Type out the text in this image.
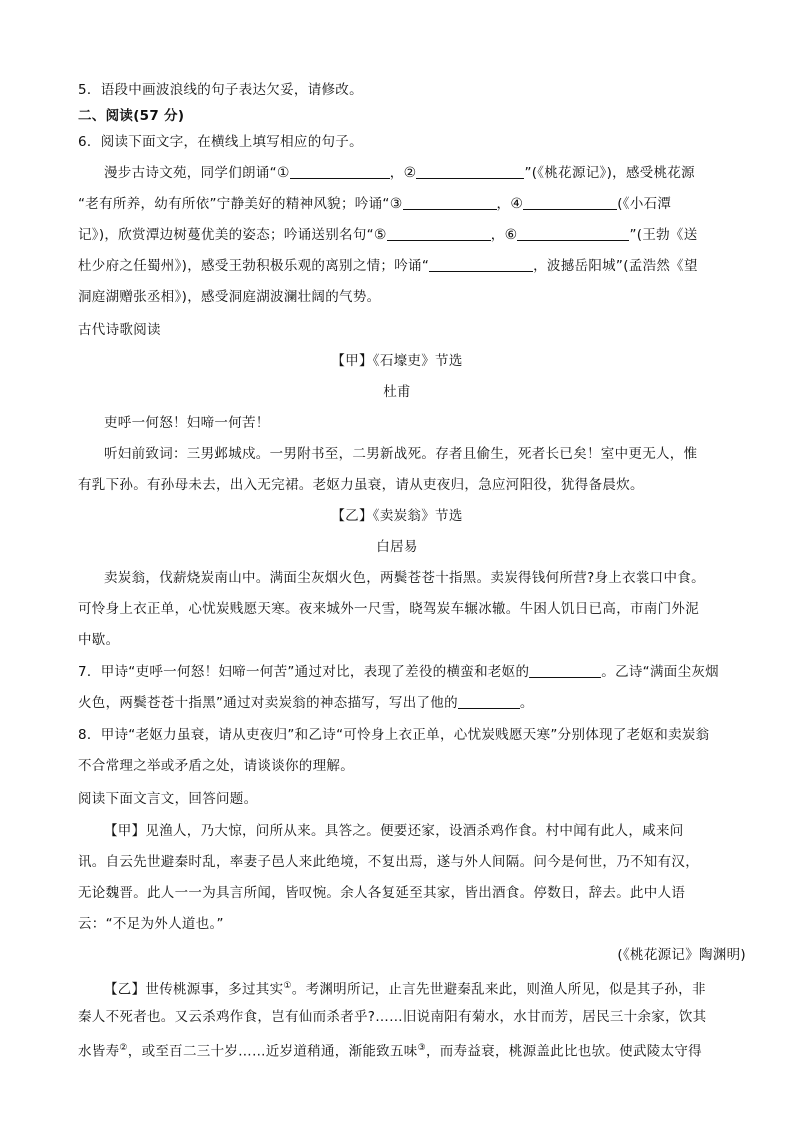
5．语段中画波浪线的句子表达欠妥，请修改。
二、阅读(57 分)
6．阅读下面文字，在横线上填写相应的句子。
漫步古诗文苑，同学们朗诵“①	，②	”(《桃花源记》)，感受桃花源
“老有所养，幼有所依”宁静美好的精神风貌；吟诵“③	，④	(《小石潭
记》)，欣赏潭边树蔓优美的姿态；吟诵送别名句“⑤	，⑥	”(王勃《送
杜少府之任蜀州》)，感受王勃积极乐观的离别之情；吟诵“	，波撼岳阳城”(孟浩然《望
洞庭湖赠张丞相》)，感受洞庭湖波澜壮阔的气势。
古代诗歌阅读
【甲】《石壕吏》节选
杜甫
吏呼一何怒！妇啼一何苦！
听妇前致词：三男邺城戍。一男附书至，二男新战死。存者且偷生，死者长已矣！室中更无人，惟
有乳下孙。有孙母未去，出入无完裙。老妪力虽衰，请从吏夜归，急应河阳役，犹得备晨炊。
【乙】《卖炭翁》节选
白居易
卖炭翁，伐薪烧炭南山中。满面尘灰烟火色，两鬓苍苍十指黑。卖炭得钱何所营?身上衣裳口中食。
可怜身上衣正单，心忧炭贱愿天寒。夜来城外一尺雪，晓驾炭车辗冰辙。牛困人饥日已高，市南门外泥
中歇。
7．甲诗“吏呼一何怒！妇啼一何苦”通过对比，表现了差役的横蛮和老妪的	。乙诗“满面尘灰烟
火色，两鬓苍苍十指黑”通过对卖炭翁的神态描写，写出了他的	。
8．甲诗“老妪力虽衰，请从吏夜归”和乙诗“可怜身上衣正单，心忧炭贱愿天寒”分别体现了老妪和卖炭翁
不合常理之举或矛盾之处，请谈谈你的理解。
阅读下面文言文，回答问题。
【甲】见渔人，乃大惊，问所从来。具答之。便要还家，设酒杀鸡作食。村中闻有此人，咸来问
讯。自云先世避秦时乱，率妻子邑人来此绝境，不复出焉，遂与外人间隔。问今是何世，乃不知有汉，
无论魏晋。此人一一为具言所闻，皆叹惋。余人各复延至其家，皆出酒食。停数日，辞去。此中人语
云：“不足为外人道也。”
(《桃花源记》陶渊明)
【乙】世传桃源事，多过其实①。考渊明所记，止言先世避秦乱来此，则渔人所见，似是其子孙，非
秦人不死者也。又云杀鸡作食，岂有仙而杀者乎?……旧说南阳有菊水，水甘而芳，居民三十余家，饮其
水皆寿②，或至百二三十岁……近岁道稍通，渐能致五味③，而寿益衰，桃源盖此比也欤。使武陵太守得
